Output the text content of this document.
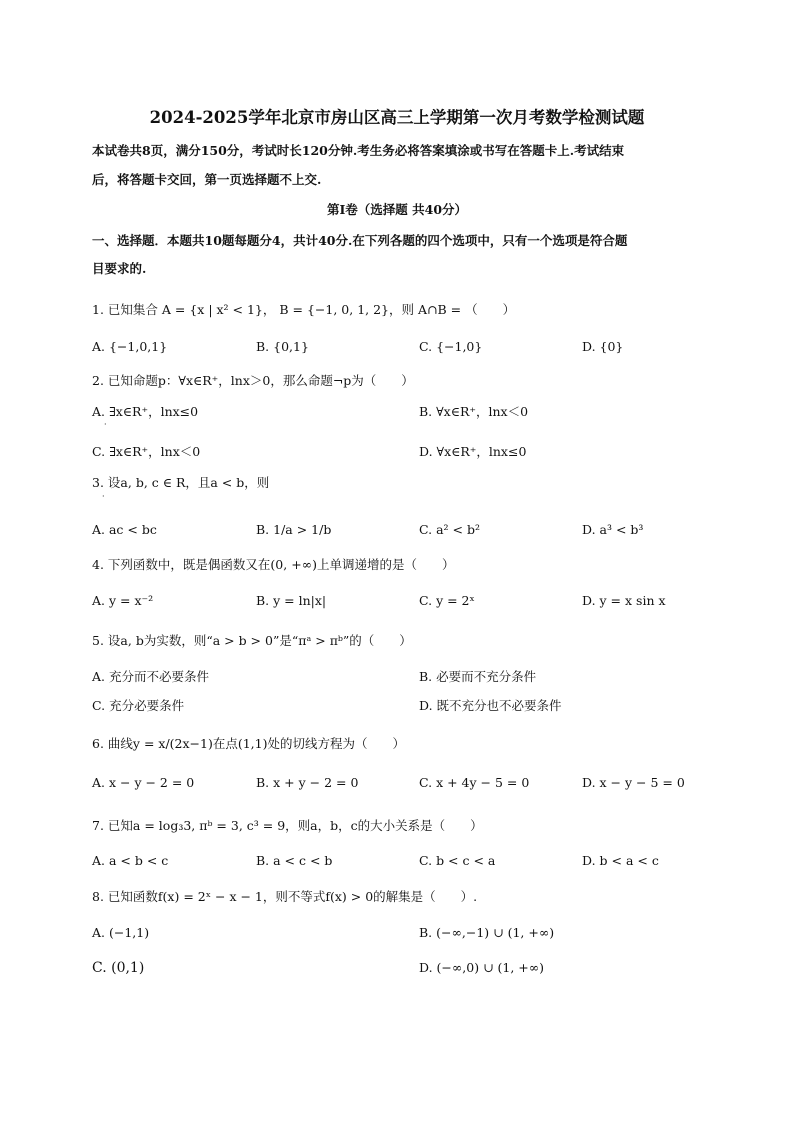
2024-2025学年北京市房山区高三上学期第一次月考数学检测试题
本试卷共8页，满分150分，考试时长120分钟.考生务必将答案填涂或书写在答题卡上.考试结束
后，将答题卡交回，第一页选择题不上交.
第Ⅰ卷（选择题 共40分）
一、选择题．本题共10题每题分4，共计40分.在下列各题的四个选项中，只有一个选项是符合题
目要求的.
1. 已知集合 A = {x | x² < 1}， B = {−1, 0, 1, 2}，则 A∩B = （　　）
A. {−1,0,1}	B. {0,1}	C. {−1,0}	D. {0}
2. 已知命题p：∀x∈R⁺，lnx＞0，那么命题¬p为（　　）
A. ∃x∈R⁺，lnx≤0	B. ∀x∈R⁺，lnx＜0
·
C. ∃x∈R⁺，lnx＜0	D. ∀x∈R⁺，lnx≤0
3. 设a, b, c ∈ R，且a < b，则
·
A. ac < bc	B. 1/a > 1/b	C. a² < b²	D. a³ < b³
4. 下列函数中，既是偶函数又在(0, +∞)上单调递增的是（　　）
A. y = x⁻²	B. y = ln|x|	C. y = 2ˣ	D. y = x sin x
5. 设a, b为实数，则“a > b > 0”是“πᵃ > πᵇ”的（　　）
A. 充分而不必要条件	B. 必要而不充分条件
C. 充分必要条件	D. 既不充分也不必要条件
6. 曲线y = x/(2x−1)在点(1,1)处的切线方程为（　　）
A. x − y − 2 = 0	B. x + y − 2 = 0	C. x + 4y − 5 = 0	D. x − y − 5 = 0
7. 已知a = log₃3, πᵇ = 3, c³ = 9，则a，b，c的大小关系是（　　）
A. a < b < c	B. a < c < b	C. b < c < a	D. b < a < c
8. 已知函数f(x) = 2ˣ − x − 1，则不等式f(x) > 0的解集是（　　）.
A. (−1,1)	B. (−∞,−1) ∪ (1, +∞)
C. (0,1)	D. (−∞,0) ∪ (1, +∞)
